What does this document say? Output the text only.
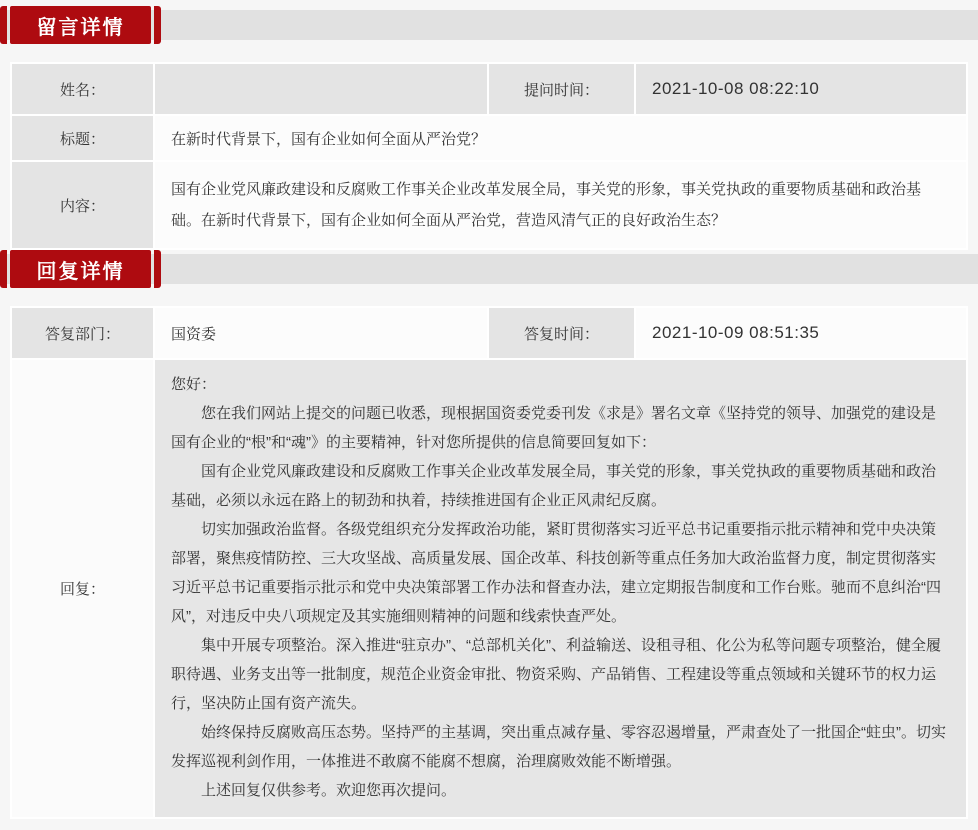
留言详情
姓名：		提问时间：	2021-10-08 08:22:10
标题：	在新时代背景下，国有企业如何全面从严治党？		
内容：	国有企业党风廉政建设和反腐败工作事关企业改革发展全局，事关党的形象，事关党执政的重要物质基础和政治基础。在新时代背景下，国有企业如何全面从严治党，营造风清气正的良好政治生态？		
回复详情
答复部门：	国资委	答复时间：	2021-10-09 08:51:35
回复：	

您好：

您在我们网站上提交的问题已收悉，现根据国资委党委刊发《求是》署名文章《坚持党的领导、加强党的建设是国有企业的“根”和“魂”》的主要精神，针对您所提供的信息简要回复如下：

国有企业党风廉政建设和反腐败工作事关企业改革发展全局，事关党的形象，事关党执政的重要物质基础和政治基础，必须以永远在路上的韧劲和执着，持续推进国有企业正风肃纪反腐。

切实加强政治监督。各级党组织充分发挥政治功能，紧盯贯彻落实习近平总书记重要指示批示精神和党中央决策部署，聚焦疫情防控、三大攻坚战、高质量发展、国企改革、科技创新等重点任务加大政治监督力度，制定贯彻落实习近平总书记重要指示批示和党中央决策部署工作办法和督查办法，建立定期报告制度和工作台账。驰而不息纠治“四风”，对违反中央八项规定及其实施细则精神的问题和线索快查严处。

集中开展专项整治。深入推进“驻京办”、“总部机关化”、利益输送、设租寻租、化公为私等问题专项整治，健全履职待遇、业务支出等一批制度，规范企业资金审批、物资采购、产品销售、工程建设等重点领域和关键环节的权力运行，坚决防止国有资产流失。

始终保持反腐败高压态势。坚持严的主基调，突出重点减存量、零容忍遏增量，严肃查处了一批国企“蛀虫”。切实发挥巡视利剑作用，一体推进不敢腐不能腐不想腐，治理腐败效能不断增强。

上述回复仅供参考。欢迎您再次提问。
